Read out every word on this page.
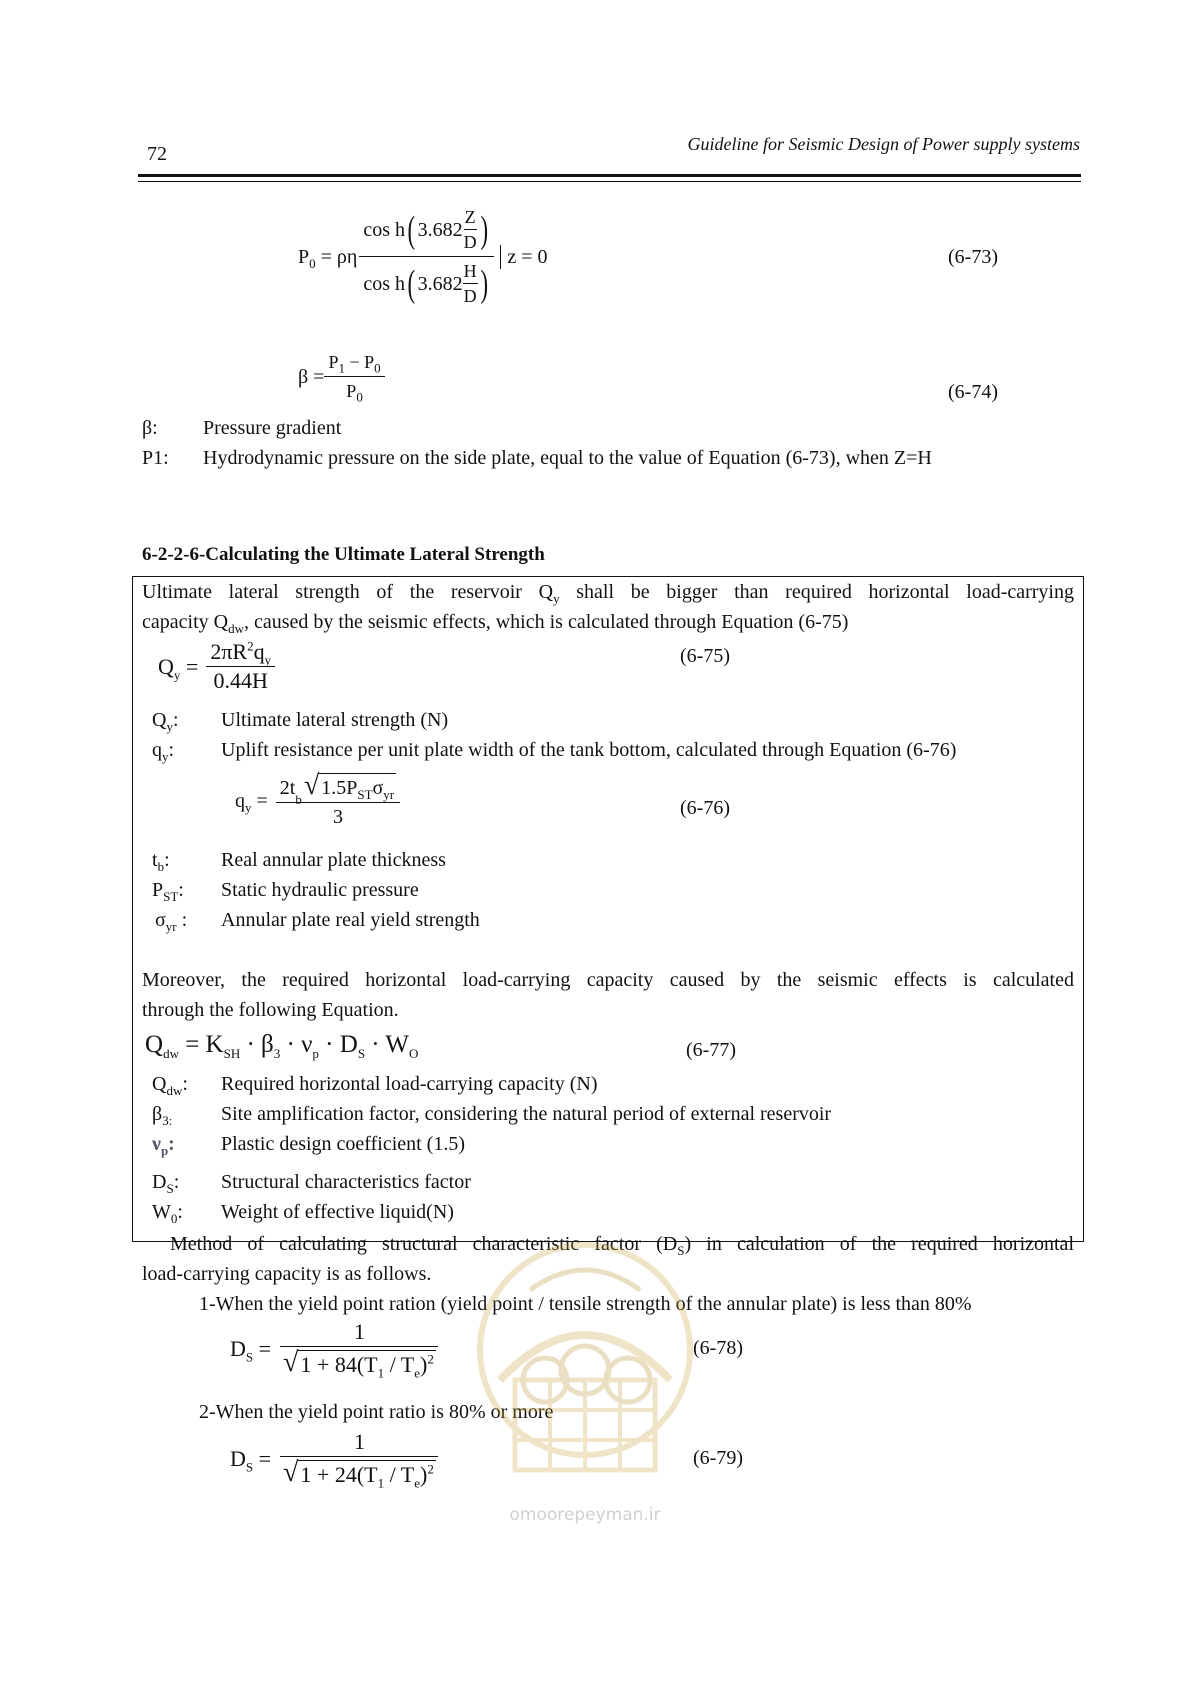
72	Guideline for Seismic Design of Power supply systems
$P_0 = \rho\eta \frac{\cos h ( 3.682 \frac{Z}{D} )}{\cos h ( 3.682 \frac{H}{D} )}$ z = 0	(6-73)
$\beta = \frac{P_1 - P_0}{P_0}$	(6-74)
β: Pressure gradient
P1: Hydrodynamic pressure on the side plate, equal to the value of Equation (6-73), when Z=H
6-2-2-6-Calculating the Ultimate Lateral Strength
Ultimate lateral strength of the reservoir $Q_y$ shall be bigger than required horizontal load-carrying
capacity $Q_{dw}$, caused by the seismic effects, which is calculated through Equation (6-75)
$Q_y = \frac{2\pi R^2q_y}{0.44H}$	(6-75)
$Q_y$: Ultimate lateral strength (N)
$q_y$: Uplift resistance per unit plate width of the tank bottom, calculated through Equation (6-76)
$q_y = 2t$
b √ $1.5P_{ST}\sigma_{yr}$
3	(6-76)
$t_b$:	Real annular plate thickness
$P_{ST}$: Static hydraulic pressure
$\sigma_{yr}$ : Annular plate real yield strength
Moreover, the required horizontal load-carrying capacity caused by the seismic effects is calculated
through the following Equation.
$Q_{dw} = K_{SH} \cdot \beta_3 \cdot \nu_p \cdot D_S \cdot W_O$	(6-77)
$Q_{dw}$: Required horizontal load-carrying capacity (N)
$\beta_{3:}$ Site amplification factor, considering the natural period of external reservoir
$\nu_p$: Plastic design coefficient (1.5)
$D_S$: Structural characteristics factor
$W_0$: Weight of effective liquid(N)
Method of calculating structural characteristic factor $(D_S)$ in calculation of the required horizontal
load-carrying capacity is as follows.
1-When the yield point ration (yield point / tensile strength of the annular plate) is less than 80%
$D_S = \frac{1}{√ 1 + 84(T_1 / T_e)^2}$	(6-78)
2-When the yield point ratio is 80% or more
$D_S = \frac{1}{√ 1 + 24(T_1 / T_e)^2}$	(6-79)
omoorepeyman.ir
